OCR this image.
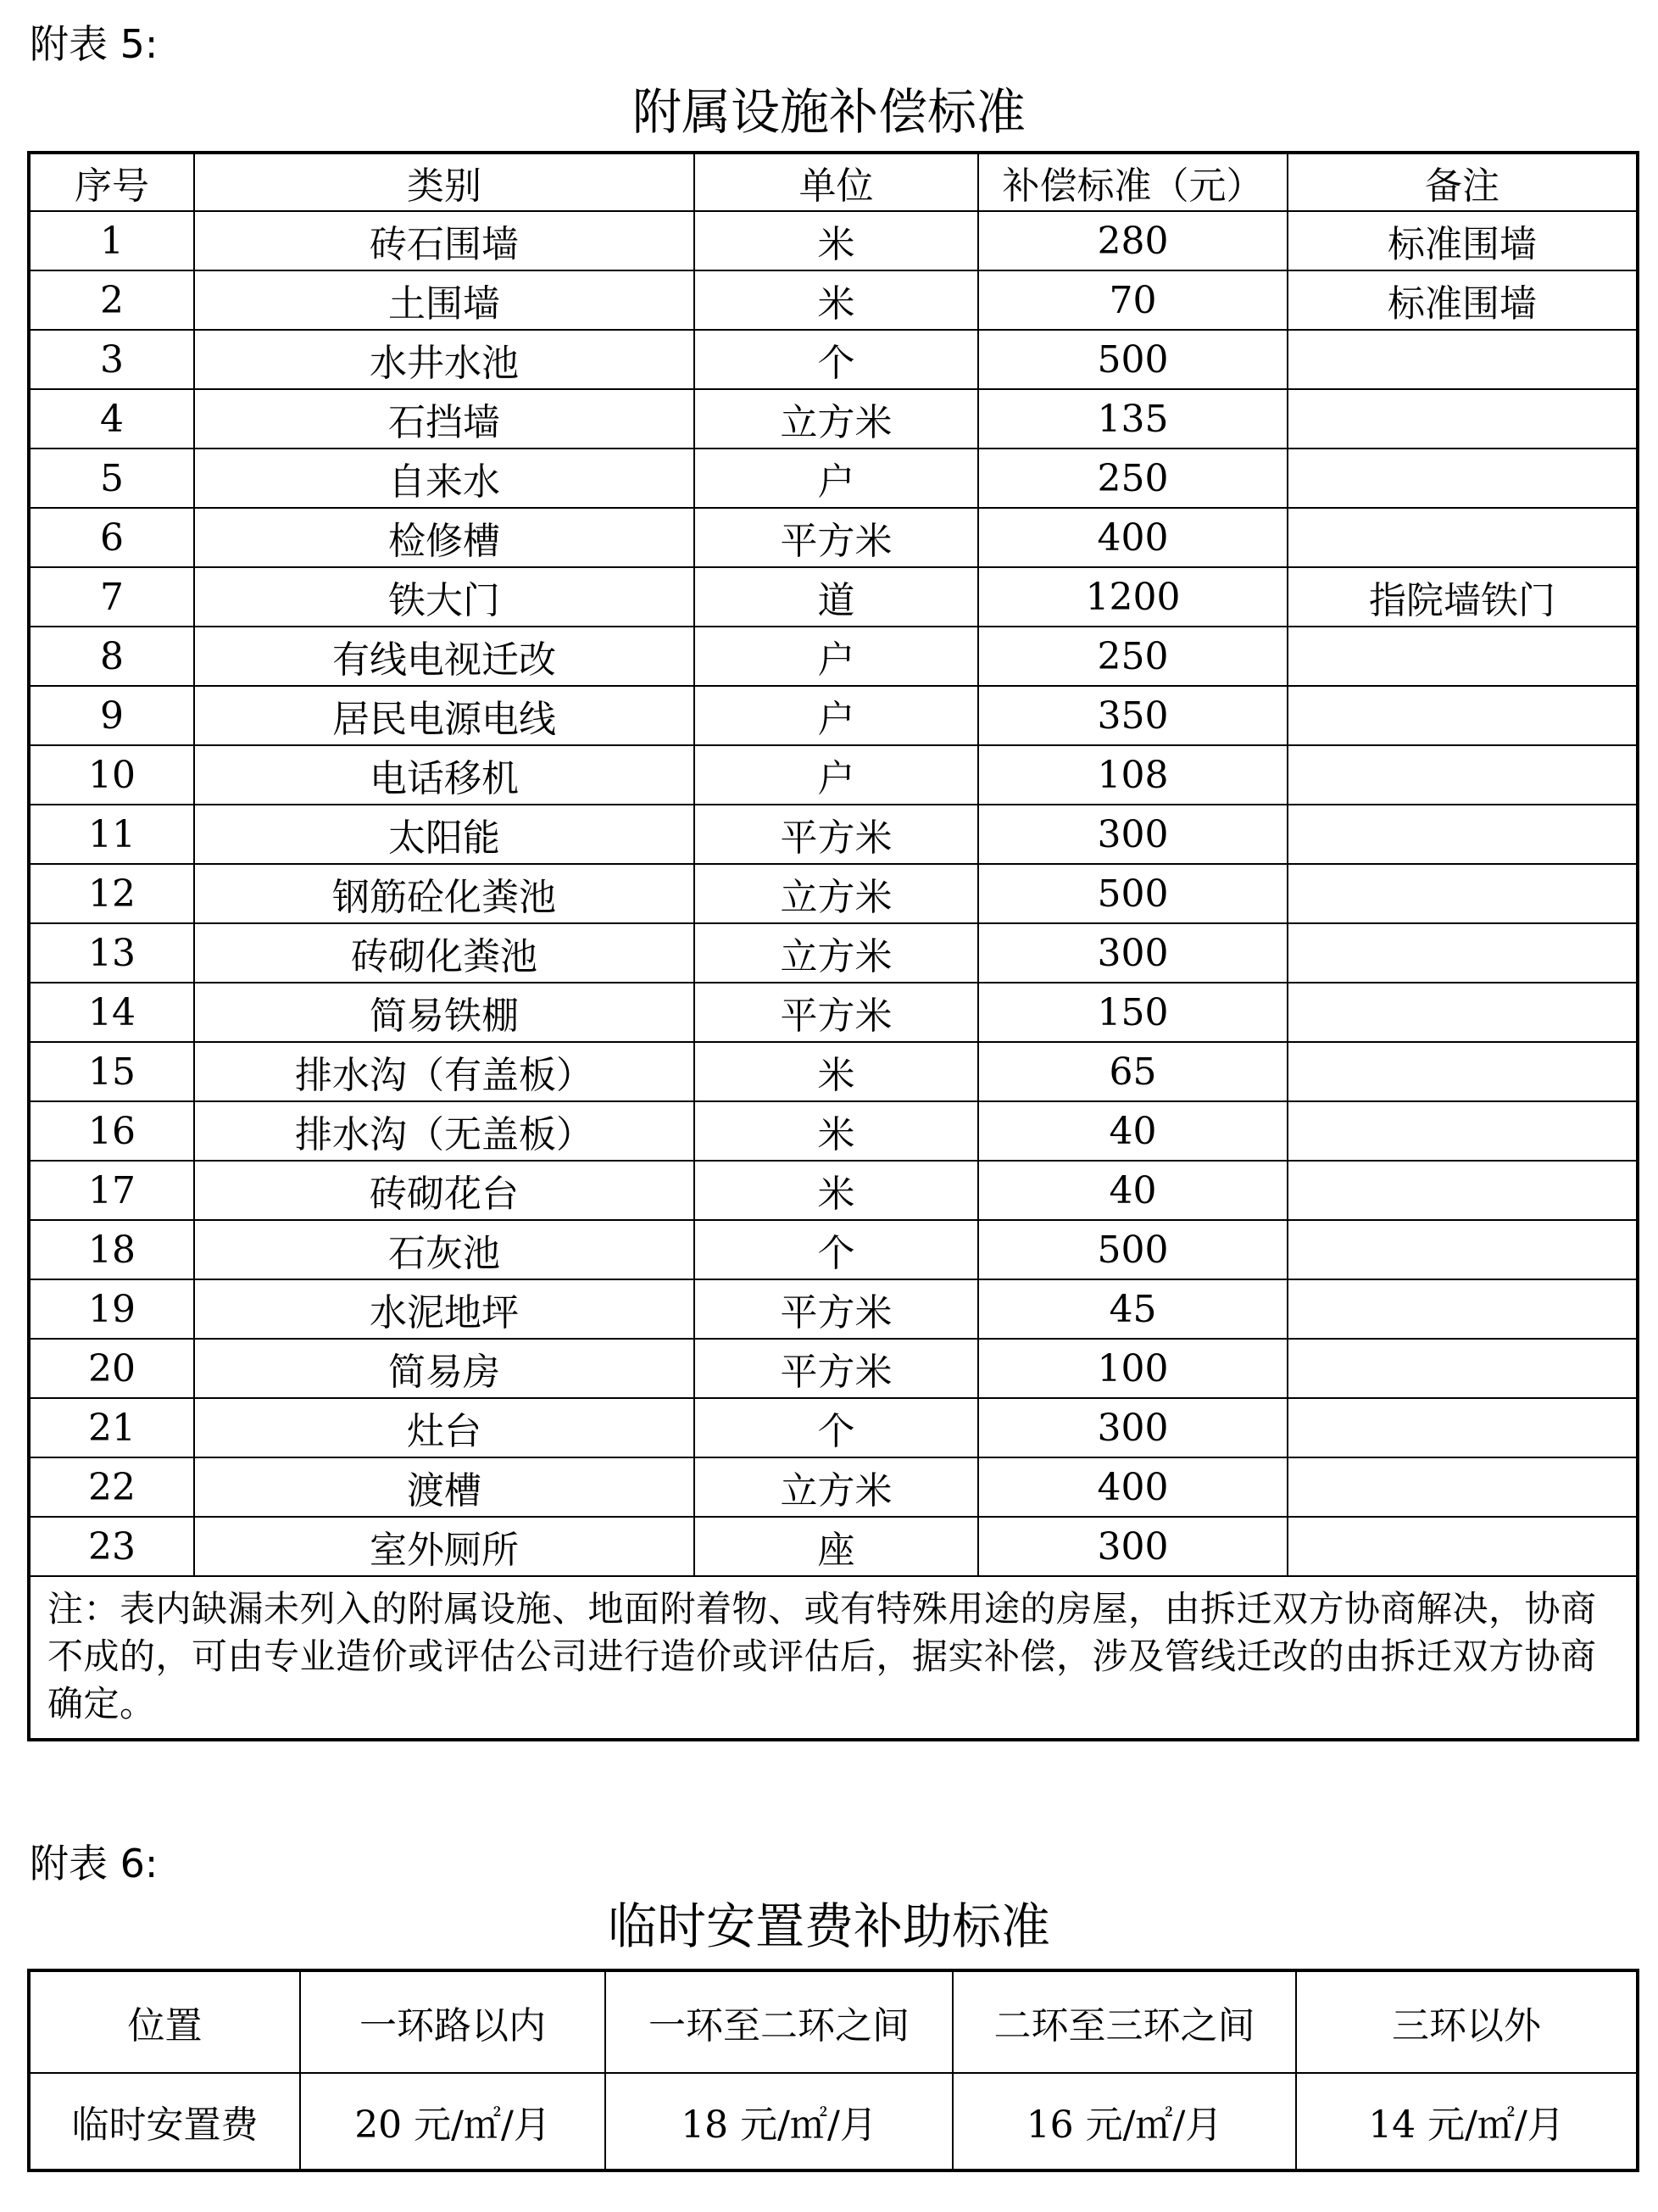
附表 5:
附属设施补偿标准
序号	类别	单位	补偿标准（元）	备注
1	砖石围墙	米	280	标准围墙
2	土围墙	米	70	标准围墙
3	水井水池	个	500	
4	石挡墙	立方米	135	
5	自来水	户	250	
6	检修槽	平方米	400	
7	铁大门	道	1200	指院墙铁门
8	有线电视迁改	户	250	
9	居民电源电线	户	350	
10	电话移机	户	108	
11	太阳能	平方米	300	
12	钢筋砼化粪池	立方米	500	
13	砖砌化粪池	立方米	300	
14	简易铁棚	平方米	150	
15	排水沟（有盖板）	米	65	
16	排水沟（无盖板）	米	40	
17	砖砌花台	米	40	
18	石灰池	个	500	
19	水泥地坪	平方米	45	
20	简易房	平方米	100	
21	灶台	个	300	
22	渡槽	立方米	400	
23	室外厕所	座	300	
注：表内缺漏未列入的附属设施、地面附着物、或有特殊用途的房屋，由拆迁双方协商解决，协商不成的，可由专业造价或评估公司进行造价或评估后，据实补偿，涉及管线迁改的由拆迁双方协商确定。				
附表 6:
临时安置费补助标准
位置	一环路以内	一环至二环之间	二环至三环之间	三环以外
临时安置费	20 元/㎡/月	18 元/㎡/月	16 元/㎡/月	14 元/㎡/月
